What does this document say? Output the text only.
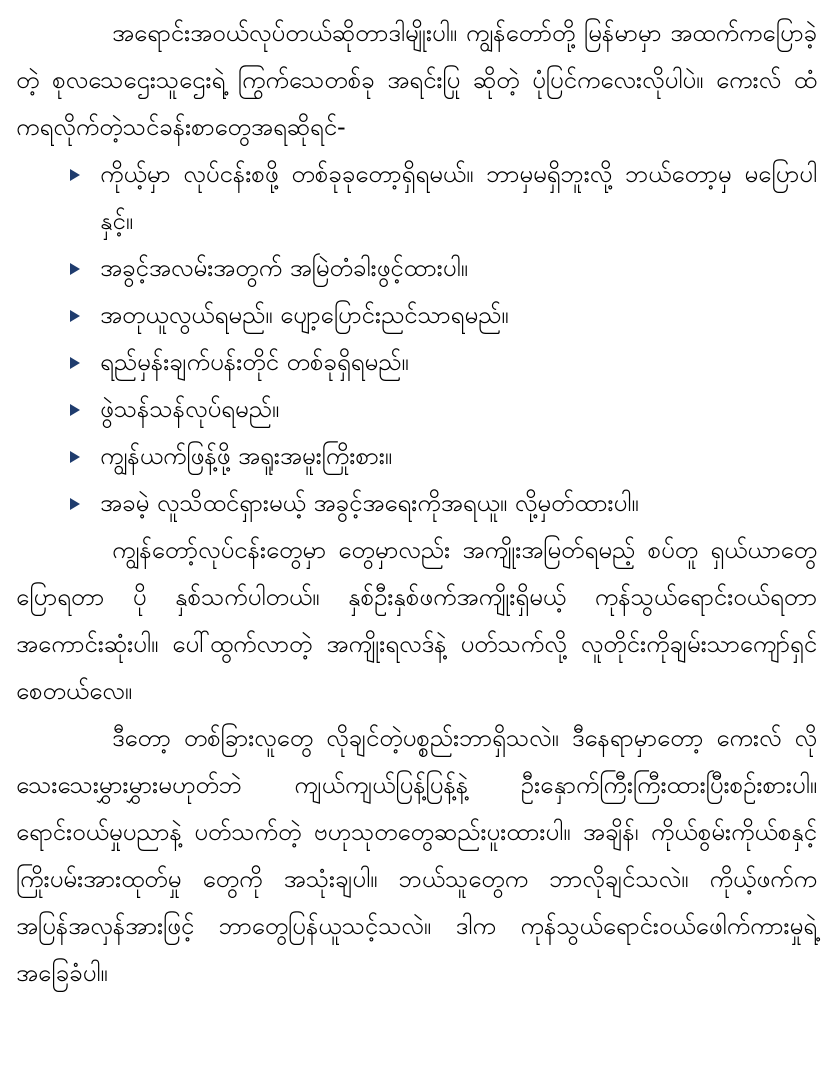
အရောင်းအဝယ်လုပ်တယ်ဆိုတာဒါမျိုးပါ။ ကျွန်တော်တို့ မြန်မာမှာ အထက်ကပြောခဲ့တဲ့ စုလသေဌေးသူဌေးရဲ့ ကြွက်သေတစ်ခု အရင်းပြု ဆိုတဲ့ ပုံပြင်ကလေးလိုပါပဲ။ ကေးလ် ထံကရလိုက်တဲ့သင်ခန်းစာတွေအရဆိုရင်-

ကိုယ့်မှာ လုပ်ငန်းစဖို့ တစ်ခုခုတော့ရှိရမယ်။ ဘာမှမရှိဘူးလို့ ဘယ်တော့မှ မပြောပါနှင့်။
အခွင့်အလမ်းအတွက် အမြဲတံခါးဖွင့်ထားပါ။
အတုယူလွယ်ရမည်။ ပျော့ပြောင်းညင်သာရမည်။
ရည်မှန်းချက်ပန်းတိုင် တစ်ခုရှိရမည်။
ဖွဲသန်သန်လုပ်ရမည်။
ကျွန်ယက်ဖြန့်ဖို့ အရူးအမူးကြိုးစား။
အခမဲ့ လူသိထင်ရှားမယ့် အခွင့်အရေးကိုအရယူ။ လို့မှတ်ထားပါ။

ကျွန်တော့်လုပ်ငန်းတွေမှာ တွေမှာလည်း အကျိုးအမြတ်ရမည့် စပ်တူ ရှယ်ယာတွေပြောရတာ ပို နှစ်သက်ပါတယ်။ နှစ်ဦးနှစ်ဖက်အကျိုးရှိမယ့် ကုန်သွယ်ရောင်းဝယ်ရတာအကောင်းဆုံးပါ။ ပေါ်ထွက်လာတဲ့ အကျိုးရလဒ်နဲ့ ပတ်သက်လို့ လူတိုင်းကိုချမ်းသာကျော်ရှင်စေတယ်လေ။

ဒီတော့ တစ်ခြားလူတွေ လိုချင်တဲ့ပစ္စည်းဘာရှိသလဲ။ ဒီနေရာမှာတော့ ကေးလ် လိုသေးသေးမွှားမွှားမဟုတ်ဘဲ ကျယ်ကျယ်ပြန့်ပြန့်နဲ့ ဦးနှောက်ကြီးကြီးထားပြီးစဉ်းစားပါ။ ရောင်းဝယ်မှုပညာနဲ့ ပတ်သက်တဲ့ ဗဟုသုတတွေဆည်းပူးထားပါ။ အချိန်၊ ကိုယ်စွမ်းကိုယ်စနှင့် ကြိုးပမ်းအားထုတ်မှု တွေကို အသုံးချပါ။ ဘယ်သူတွေက ဘာလိုချင်သလဲ။ ကိုယ့်ဖက်က အပြန်အလှန်အားဖြင့် ဘာတွေပြန်ယူသင့်သလဲ။ ဒါက ကုန်သွယ်ရောင်းဝယ်ဖေါက်ကားမှုရဲ့ အခြေခံပါ။
